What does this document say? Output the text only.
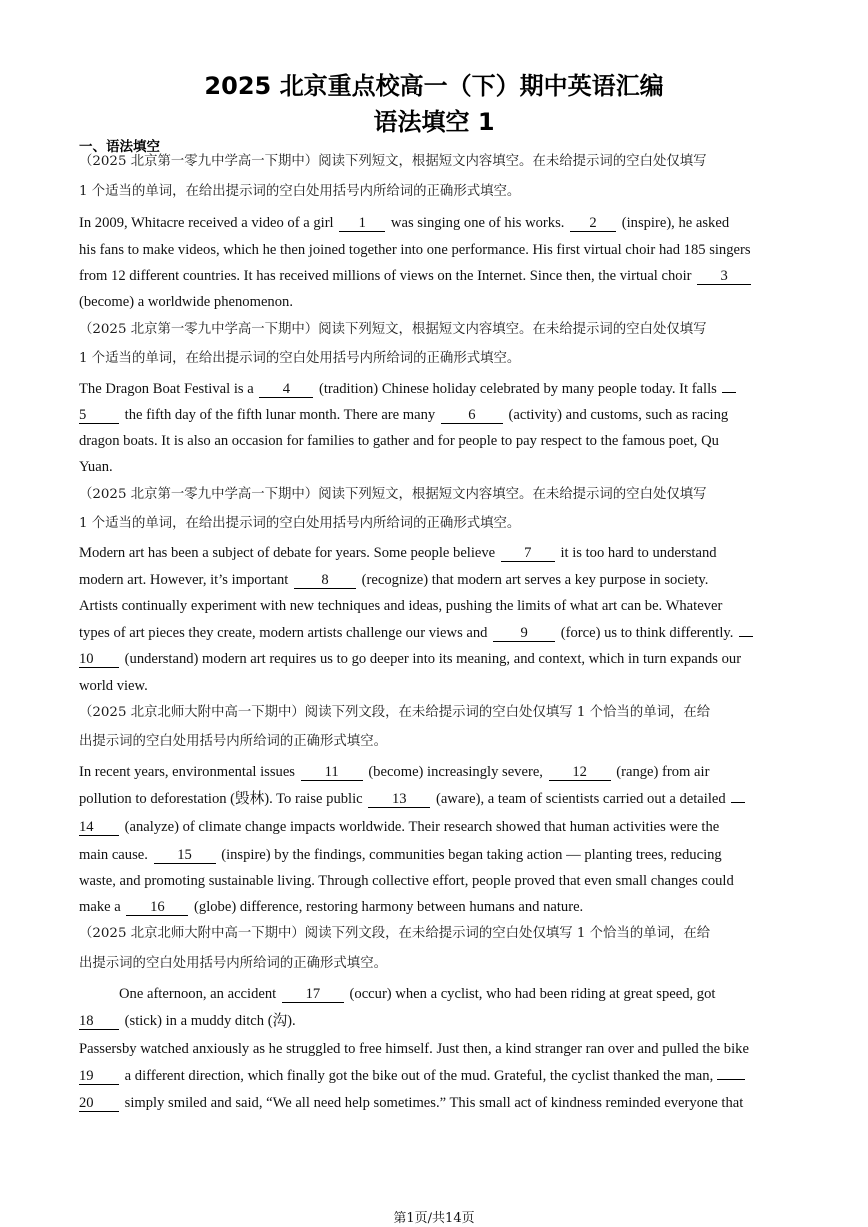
2025 北京重点校高一（下）期中英语汇编
语法填空 1
一、语法填空
（2025 北京第一零九中学高一下期中）阅读下列短文，根据短文内容填空。在未给提示词的空白处仅填写
1 个适当的单词，在给出提示词的空白处用括号内所给词的正确形式填空。
In 2009, Whitacre received a video of a girl 1 was singing one of his works. 2 (inspire), he asked
his fans to make videos, which he then joined together into one performance. His first virtual choir had 185 singers
from 12 different countries. It has received millions of views on the Internet. Since then, the virtual choir 3
(become) a worldwide phenomenon.
（2025 北京第一零九中学高一下期中）阅读下列短文，根据短文内容填空。在未给提示词的空白处仅填写
1 个适当的单词，在给出提示词的空白处用括号内所给词的正确形式填空。
The Dragon Boat Festival is a 4 (tradition) Chinese holiday celebrated by many people today. It falls
5	the fifth day of the fifth lunar month. There are many 6 (activity) and customs, such as racing
dragon boats. It is also an occasion for families to gather and for people to pay respect to the famous poet, Qu
Yuan.
（2025 北京第一零九中学高一下期中）阅读下列短文，根据短文内容填空。在未给提示词的空白处仅填写
1 个适当的单词，在给出提示词的空白处用括号内所给词的正确形式填空。
Modern art has been a subject of debate for years. Some people believe 7 it is too hard to understand
modern art. However, it’s important 8 (recognize) that modern art serves a key purpose in society.
Artists continually experiment with new techniques and ideas, pushing the limits of what art can be. Whatever
types of art pieces they create, modern artists challenge our views and 9 (force) us to think differently.
10 (understand) modern art requires us to go deeper into its meaning, and context, which in turn expands our
world view.
（2025 北京北师大附中高一下期中）阅读下列文段，在未给提示词的空白处仅填写 1 个恰当的单词，在给
出提示词的空白处用括号内所给词的正确形式填空。
In recent years, environmental issues 11 (become) increasingly severe, 12 (range) from air
pollution to deforestation (毁林). To raise public 13 (aware), a team of scientists carried out a detailed
14 (analyze) of climate change impacts worldwide. Their research showed that human activities were the
main cause. 15 (inspire) by the findings, communities began taking action — planting trees, reducing
waste, and promoting sustainable living. Through collective effort, people proved that even small changes could
make a 16 (globe) difference, restoring harmony between humans and nature.
（2025 北京北师大附中高一下期中）阅读下列文段，在未给提示词的空白处仅填写 1 个恰当的单词，在给
出提示词的空白处用括号内所给词的正确形式填空。
One afternoon, an accident 17 (occur) when a cyclist, who had been riding at great speed, got
18 (stick) in a muddy ditch (沟).
Passersby watched anxiously as he struggled to free himself. Just then, a kind stranger ran over and pulled the bike
19 a different direction, which finally got the bike out of the mud. Grateful, the cyclist thanked the man,
20 simply smiled and said, “We all need help sometimes.” This small act of kindness reminded everyone that
第1页/共14页
